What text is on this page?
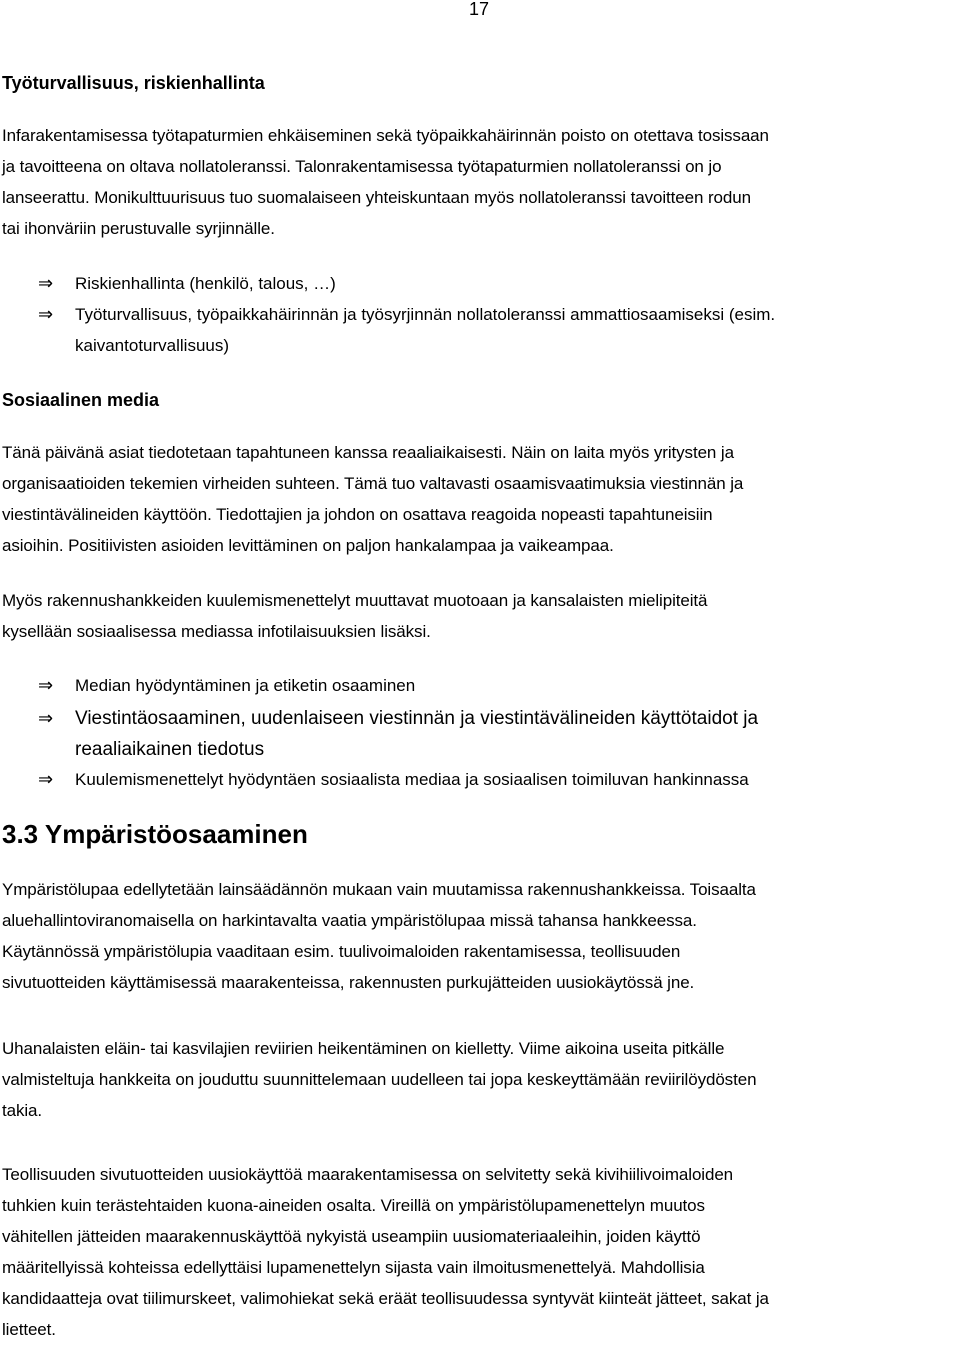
17
Työturvallisuus, riskienhallinta

Infarakentamisessa työtapaturmien ehkäiseminen sekä työpaikkahäirinnän poisto on otettava tosissaan

ja tavoitteena on oltava nollatoleranssi. Talonrakentamisessa työtapaturmien nollatoleranssi on jo

lanseerattu. Monikulttuurisuus tuo suomalaiseen yhteiskuntaan myös nollatoleranssi tavoitteen rodun

tai ihonväriin perustuvalle syrjinnälle.

⇒ Riskienhallinta (henkilö, talous, …)
⇒ Työturvallisuus, työpaikkahäirinnän ja työsyrjinnän nollatoleranssi ammattiosaamiseksi (esim.
kaivantoturvallisuus)
Sosiaalinen media

Tänä päivänä asiat tiedotetaan tapahtuneen kanssa reaaliaikaisesti. Näin on laita myös yritysten ja

organisaatioiden tekemien virheiden suhteen. Tämä tuo valtavasti osaamisvaatimuksia viestinnän ja

viestintävälineiden käyttöön. Tiedottajien ja johdon on osattava reagoida nopeasti tapahtuneisiin

asioihin. Positiivisten asioiden levittäminen on paljon hankalampaa ja vaikeampaa.

Myös rakennushankkeiden kuulemismenettelyt muuttavat muotoaan ja kansalaisten mielipiteitä

kysellään sosiaalisessa mediassa infotilaisuuksien lisäksi.

⇒ Median hyödyntäminen ja etiketin osaaminen
⇒ Viestintäosaaminen, uudenlaiseen viestinnän ja viestintävälineiden käyttötaidot ja
reaaliaikainen tiedotus
⇒ Kuulemismenettelyt hyödyntäen sosiaalista mediaa ja sosiaalisen toimiluvan hankinnassa
3.3 Ympäristöosaaminen

Ympäristölupaa edellytetään lainsäädännön mukaan vain muutamissa rakennushankkeissa. Toisaalta

aluehallintoviranomaisella on harkintavalta vaatia ympäristölupaa missä tahansa hankkeessa.

Käytännössä ympäristölupia vaaditaan esim. tuulivoimaloiden rakentamisessa, teollisuuden

sivutuotteiden käyttämisessä maarakenteissa, rakennusten purkujätteiden uusiokäytössä jne.

Uhanalaisten eläin- tai kasvilajien reviirien heikentäminen on kielletty. Viime aikoina useita pitkälle

valmisteltuja hankkeita on jouduttu suunnittelemaan uudelleen tai jopa keskeyttämään reviirilöydösten

takia.

Teollisuuden sivutuotteiden uusiokäyttöä maarakentamisessa on selvitetty sekä kivihiilivoimaloiden

tuhkien kuin terästehtaiden kuona-aineiden osalta. Vireillä on ympäristölupamenettelyn muutos

vähitellen jätteiden maarakennuskäyttöä nykyistä useampiin uusiomateriaaleihin, joiden käyttö

määritellyissä kohteissa edellyttäisi lupamenettelyn sijasta vain ilmoitusmenettelyä. Mahdollisia

kandidaatteja ovat tiilimurskeet, valimohiekat sekä eräät teollisuudessa syntyvät kiinteät jätteet, sakat ja

lietteet.
